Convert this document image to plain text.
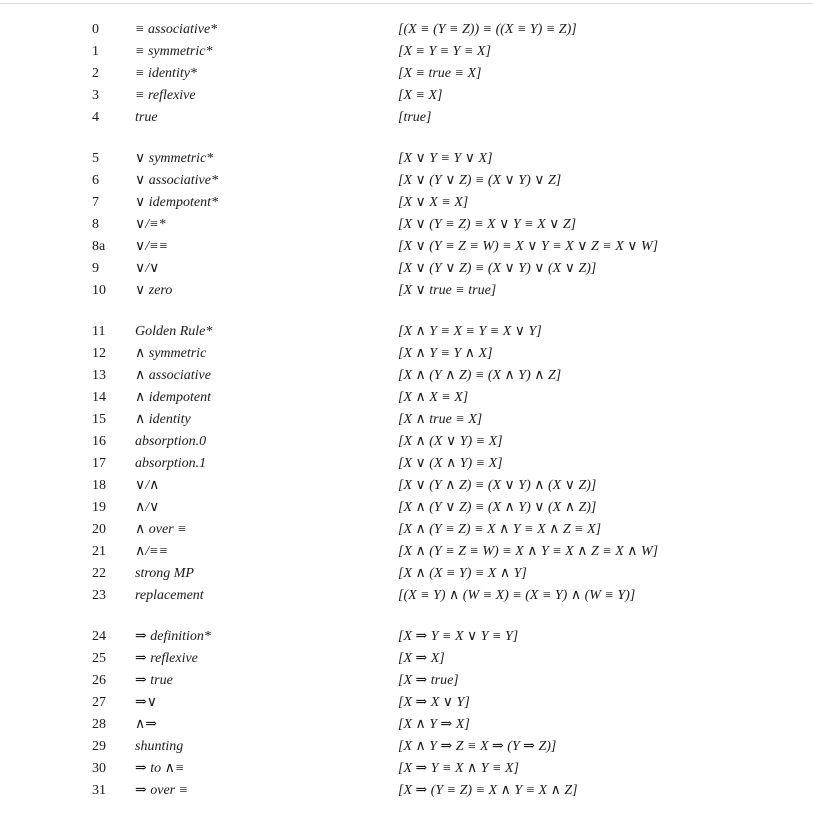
0	≡ associative*	[(X ≡ (Y ≡ Z)) ≡ ((X ≡ Y) ≡ Z)]
1	≡ symmetric*	[X ≡ Y ≡ Y ≡ X]
2	≡ identity*	[X ≡ true ≡ X]
3	≡ reflexive	[X ≡ X]
4	true	[true]
5	∨ symmetric*	[X ∨ Y ≡ Y ∨ X]
6	∨ associative*	[X ∨ (Y ∨ Z) ≡ (X ∨ Y) ∨ Z]
7	∨ idempotent*	[X ∨ X ≡ X]
8	∨/≡*	[X ∨ (Y ≡ Z) ≡ X ∨ Y ≡ X ∨ Z]
8a	∨/≡≡	[X ∨ (Y ≡ Z ≡ W) ≡ X ∨ Y ≡ X ∨ Z ≡ X ∨ W]
9	∨/∨	[X ∨ (Y ∨ Z) ≡ (X ∨ Y) ∨ (X ∨ Z)]
10	∨ zero	[X ∨ true ≡ true]
11	Golden Rule*	[X ∧ Y ≡ X ≡ Y ≡ X ∨ Y]
12	∧ symmetric	[X ∧ Y ≡ Y ∧ X]
13	∧ associative	[X ∧ (Y ∧ Z) ≡ (X ∧ Y) ∧ Z]
14	∧ idempotent	[X ∧ X ≡ X]
15	∧ identity	[X ∧ true ≡ X]
16	absorption.0	[X ∧ (X ∨ Y) ≡ X]
17	absorption.1	[X ∨ (X ∧ Y) ≡ X]
18	∨/∧	[X ∨ (Y ∧ Z) ≡ (X ∨ Y) ∧ (X ∨ Z)]
19	∧/∨	[X ∧ (Y ∨ Z) ≡ (X ∧ Y) ∨ (X ∧ Z)]
20	∧ over ≡	[X ∧ (Y ≡ Z) ≡ X ∧ Y ≡ X ∧ Z ≡ X]
21	∧/≡≡	[X ∧ (Y ≡ Z ≡ W) ≡ X ∧ Y ≡ X ∧ Z ≡ X ∧ W]
22	strong MP	[X ∧ (X ≡ Y) ≡ X ∧ Y]
23	replacement	[(X ≡ Y) ∧ (W ≡ X) ≡ (X ≡ Y) ∧ (W ≡ Y)]
24	⇒ definition*	[X ⇒ Y ≡ X ∨ Y ≡ Y]
25	⇒ reflexive	[X ⇒ X]
26	⇒ true	[X ⇒ true]
27	⇒∨	[X ⇒ X ∨ Y]
28	∧⇒	[X ∧ Y ⇒ X]
29	shunting	[X ∧ Y ⇒ Z ≡ X ⇒ (Y ⇒ Z)]
30	⇒ to ∧≡	[X ⇒ Y ≡ X ∧ Y ≡ X]
31	⇒ over ≡	[X ⇒ (Y ≡ Z) ≡ X ∧ Y ≡ X ∧ Z]
